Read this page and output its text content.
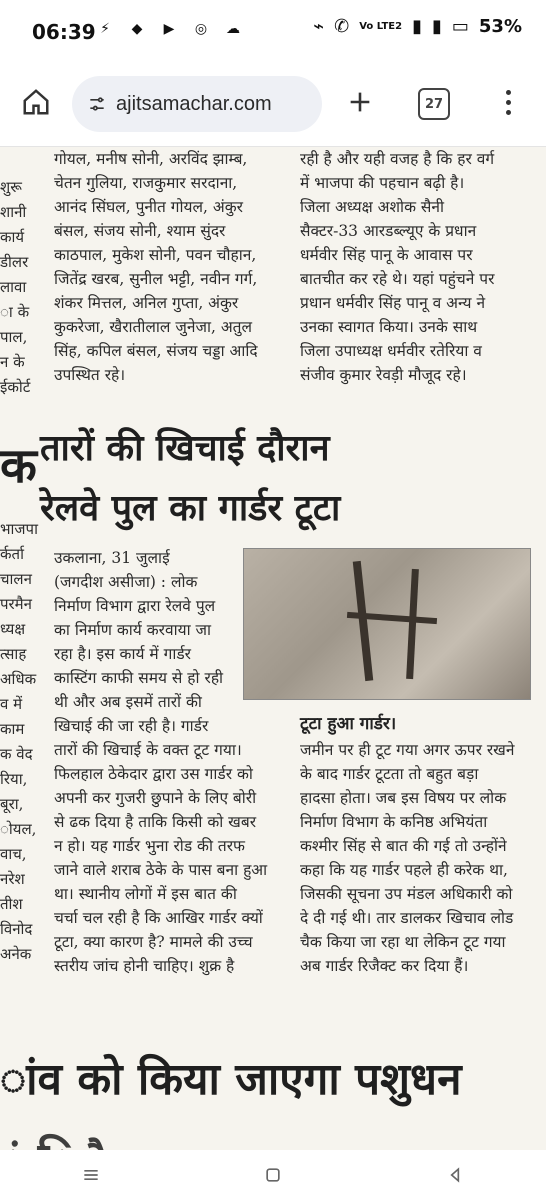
06:39 ⚡ ◆ ▶ ◎ ☁	⌁ ✆ Vo LTE2 ▮ ▮ ▭ 53%
ajitsamachar.com	27
शुरू
शानी
कार्य
डीलर
लावा
ा के
पाल,
न के
ईकोर्ट
भाजपा
र्कर्ता
चालन
परमैन
ध्यक्ष
त्साह
अधिक
व में
काम
क वेद
रिया,
बूरा,
ोयल,
वाच,
नरेश
तीश
विनोद
अनेक
गोयल, मनीष सोनी, अरविंद झाम्ब,
चेतन गुलिया, राजकुमार सरदाना,
आनंद सिंघल, पुनीत गोयल, अंकुर
बंसल, संजय सोनी, श्याम सुंदर
काठपाल, मुकेश सोनी, पवन चौहान,
जितेंद्र खरब, सुनील भट्टी, नवीन गर्ग,
शंकर मित्तल, अनिल गुप्ता, अंकुर
कुकरेजा, खैरातीलाल जुनेजा, अतुल
सिंह, कपिल बंसल, संजय चड्डा आदि
उपस्थित रहे।
रही है और यही वजह है कि हर वर्ग
में भाजपा की पहचान बढ़ी है।
जिला अध्यक्ष अशोक सैनी
सैक्टर-33 आरडब्ल्यूए के प्रधान
धर्मवीर सिंह पानू के आवास पर
बातचीत कर रहे थे। यहां पहुंचने पर
प्रधान धर्मवीर सिंह पानू व अन्य ने
उनका स्वागत किया। उनके साथ
जिला उपाध्यक्ष धर्मवीर रतेरिया व
संजीव कुमार रेवड़ी मौजूद रहे।
क तारों की खिचाई दौरान
रेलवे पुल का गार्डर टूटा
उकलाना, 31 जुलाई
(जगदीश असीजा) : लोक
निर्माण विभाग द्वारा रेलवे पुल
का निर्माण कार्य करवाया जा
रहा है। इस कार्य में गार्डर
कास्टिंग काफी समय से हो रही
थी और अब इसमें तारों की
खिचाई की जा रही है। गार्डर	टूटा हुआ गार्डर।
तारों की खिचाई के वक्त टूट गया।
फिलहाल ठेकेदार द्वारा उस गार्डर को
अपनी कर गुजरी छुपाने के लिए बोरी
से ढक दिया है ताकि किसी को खबर
न हो। यह गार्डर भुना रोड की तरफ
जाने वाले शराब ठेके के पास बना हुआ
था। स्थानीय लोगों में इस बात की
चर्चा चल रही है कि आखिर गार्डर क्यों
टूटा, क्या कारण है? मामले की उच्च
स्तरीय जांच होनी चाहिए। शुक्र है
जमीन पर ही टूट गया अगर ऊपर रखने
के बाद गार्डर टूटता तो बहुत बड़ा
हादसा होता। जब इस विषय पर लोक
निर्माण विभाग के कनिष्ठ अभियंता
कश्मीर सिंह से बात की गई तो उन्होंने
कहा कि यह गार्डर पहले ही करेक था,
जिसकी सूचना उप मंडल अधिकारी को
दे दी गई थी। तार डालकर खिचाव लोड
चैक किया जा रहा था लेकिन टूट गया
अब गार्डर रिजैक्ट कर दिया हैं।
ांव को किया जाएगा पशुधन
